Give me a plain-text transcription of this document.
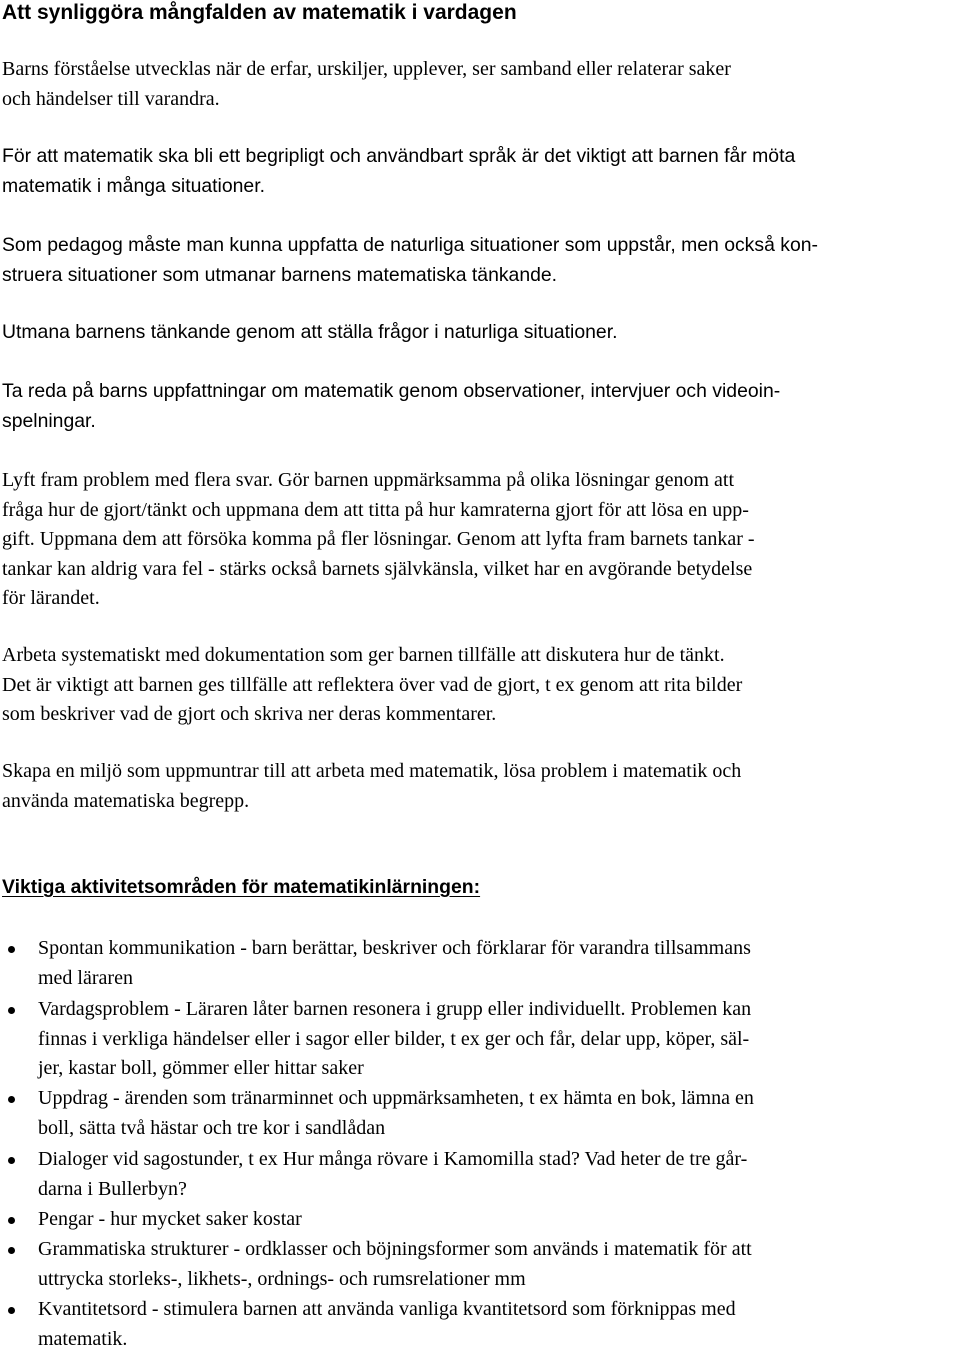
Att synliggöra mångfalden av matematik i vardagen

Barns förståelse utvecklas när de erfar, urskiljer, upplever, ser samband eller relaterar saker
och händelser till varandra.

För att matematik ska bli ett begripligt och användbart språk är det viktigt att barnen får möta
matematik i många situationer.

Som pedagog måste man kunna uppfatta de naturliga situationer som uppstår, men också kon-
struera situationer som utmanar barnens matematiska tänkande.

Utmana barnens tänkande genom att ställa frågor i naturliga situationer.

Ta reda på barns uppfattningar om matematik genom observationer, intervjuer och videoin-
spelningar.

Lyft fram problem med flera svar. Gör barnen uppmärksamma på olika lösningar genom att
fråga hur de gjort/tänkt och uppmana dem att titta på hur kamraterna gjort för att lösa en upp-
gift. Uppmana dem att försöka komma på fler lösningar. Genom att lyfta fram barnets tankar -
tankar kan aldrig vara fel - stärks också barnets självkänsla, vilket har en avgörande betydelse
för lärandet.

Arbeta systematiskt med dokumentation som ger barnen tillfälle att diskutera hur de tänkt.
Det är viktigt att barnen ges tillfälle att reflektera över vad de gjort, t ex genom att rita bilder
som beskriver vad de gjort och skriva ner deras kommentarer.

Skapa en miljö som uppmuntrar till att arbeta med matematik, lösa problem i matematik och
använda matematiska begrepp.

Viktiga aktivitetsområden för matematikinlärningen:
Spontan kommunikation - barn berättar, beskriver och förklarar för varandra tillsammans
med läraren
Vardagsproblem - Läraren låter barnen resonera i grupp eller individuellt. Problemen kan
finnas i verkliga händelser eller i sagor eller bilder, t ex ger och får, delar upp, köper, säl-
jer, kastar boll, gömmer eller hittar saker
Uppdrag - ärenden som tränarminnet och uppmärksamheten, t ex hämta en bok, lämna en
boll, sätta två hästar och tre kor i sandlådan
Dialoger vid sagostunder, t ex Hur många rövare i Kamomilla stad? Vad heter de tre går-
darna i Bullerbyn?
Pengar - hur mycket saker kostar
Grammatiska strukturer - ordklasser och böjningsformer som används i matematik för att
uttrycka storleks-, likhets-, ordnings- och rumsrelationer mm
Kvantitetsord - stimulera barnen att använda vanliga kvantitetsord som förknippas med
matematik.
